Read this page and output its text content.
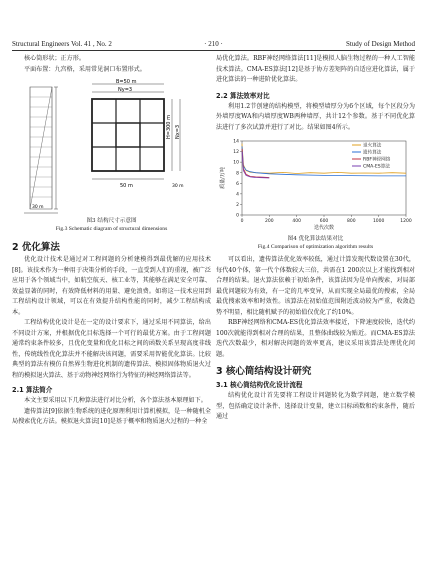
Structural Engineers Vol. 41 , No. 2	· 210 ·	Study of Design Method

核心筒形状；正方形。

平面布置：九宫格，采用常见洞口布置形式。

B=50 m
Ny=3
H=300 m Nx=3
50 m
30 m
30 m

图3 结构尺寸示意图

Fig.3 Schematic diagram of structural dimensions

2 优化算法

优化设计技术是通过对工程问题的分析建模得到最优解的应用技术[8]。该技术作为一种用于决策分析的手段，一直受到人们的重视，被广泛应用于各个领域当中，如航空航天、核工业等，其能够在满足安全可靠、效益显著的同时，有效降低材料的用量、避免浪费。如将这一技术应用到工程结构设计领域，可以在有效提升结构性能的同时，减少工程结构成本。

工程结构优化设计是在一定的设计要求下，通过采用不同算法，给出不同设计方案，并根据优化目标选择一个可行的最优方案。由于工程问题通常约束条件较多，且优化变量和优化目标之间的函数关系呈现高度非线性，传统线性优化算法并不能解决该问题，需要采用智能优化算法。比较典型的算法有模仿自然界生物进化机制的遗传算法、模拟固体物质退火过程的模拟退火算法、基于动物神经网络行为特征的神经网络算法等。

2.1 算法简介

本文主要采用以下几种算法进行对比分析，各个算法基本原理如下。

遗传算法[9]依据生物系统的进化原理利用计算机模拟，是一种随机全局搜索优化方法。模拟退火算法[10]是基于概率和物质退火过程的一种全

局优化算法。RBF神经网络算法[11]是模拟人脑生物过程的一种人工智能技术算法。CMA-ES算法[12]是基于协方差矩阵的自适应进化算法，属于进化算法的一种进阶优化算法。

2.2 算法效率对比

利用1.2节创建的结构模型，将模型墙厚分为6个区域，每个区段分为外墙厚度WA和内墙厚度WB两种墙厚，共计12个参数。基于不同优化算法进行了多次试算并进行了对比。结果如图4所示。

0
2
4
6
8
10
12
14
0	200	400	600	800	1000	1200
迭代次数
质量/万吨
退火算法
遗传算法
RBF神经网络
CMA-ES算法

图4 优化算法结果对比

Fig.4 Comparison of optimization algorithm results

可以看出，遗传算法优化效率较低，通过计算发现代数设置在30代，每代40个体，第一代个体数较大三倍，共需在1 200次以上才能找到相对合理的结果。退火算法依赖于初始条件，该算法因为是单向搜索，对局部最优问题较为有效，有一定的几率变异，从而实现全局最优的搜索，全局最优搜索效率和时效性。该算法在初始值范围附近波动较为严重，收敛趋势不明显，相比随机赋予的初始值仅优化了约10%。

RBF神经网络和CMA-ES优化算法效率接近，下降速度较快，迭代约100次就能得到相对合理的结果，且整体曲线较为贴近。而CMA-ES算法迭代次数最少，相对解决问题的效率更高，建议采用该算法处理优化问题。

3 核心筒结构设计研究
3.1 核心筒结构优化设计流程

结构优化设计首先要将工程设计问题转化为数学问题，建立数学模型，包括确定设计条件、选择设计变量，建立目标函数和约束条件，随后通过
